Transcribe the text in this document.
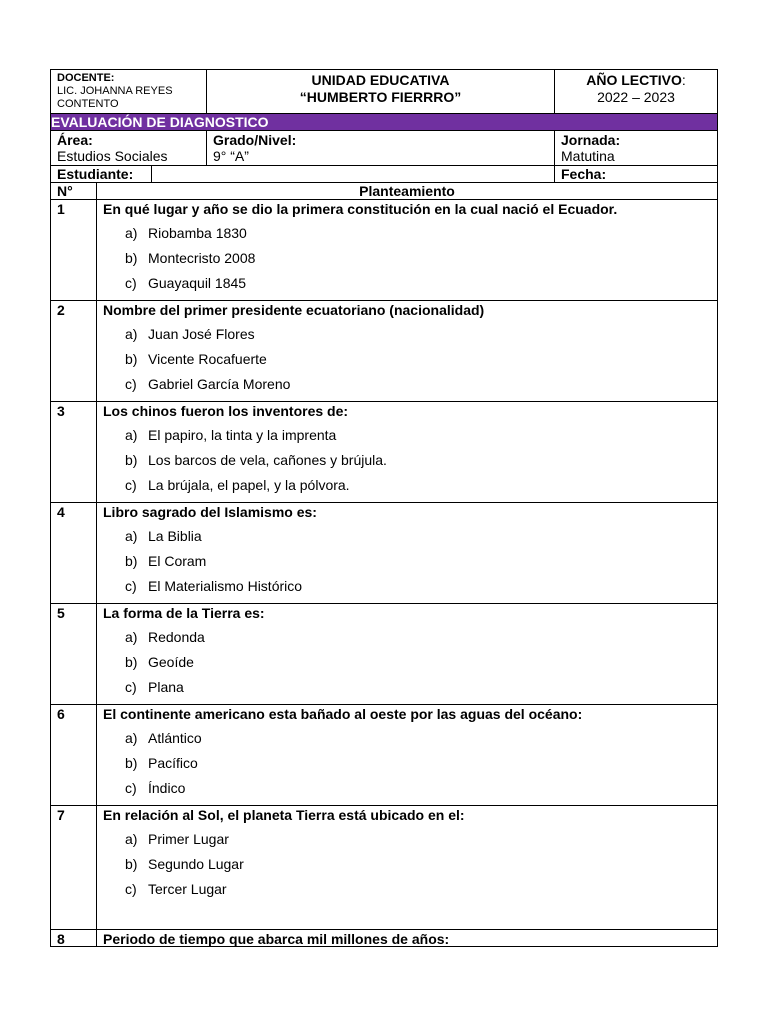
DOCENTE:
LIC. JOHANNA REYES CONTENTO
UNIDAD EDUCATIVA
“HUMBERTO FIERRRO”
AÑO LECTIVO:
2022 – 2023
EVALUACIÓN DE DIAGNOSTICO
Área:
Estudios Sociales
Grado/Nivel:
9° “A”
Jornada:
Matutina
Estudiante:	Fecha:
N°	Planteamiento
1	En qué lugar y año se dio la primera constitución en la cual nació el Ecuador.
a) Riobamba 1830
b) Montecristo 2008
c) Guayaquil 1845
2	Nombre del primer presidente ecuatoriano (nacionalidad)
a) Juan José Flores
b) Vicente Rocafuerte
c) Gabriel García Moreno
3	Los chinos fueron los inventores de:
a) El papiro, la tinta y la imprenta
b) Los barcos de vela, cañones y brújula.
c) La brújala, el papel, y la pólvora.
4	Libro sagrado del Islamismo es:
a) La Biblia
b) El Coram
c) El Materialismo Histórico
5	La forma de la Tierra es:
a) Redonda
b) Geoíde
c) Plana
6	El continente americano esta bañado al oeste por las aguas del océano:
a) Atlántico
b) Pacífico
c) Índico
7	En relación al Sol, el planeta Tierra está ubicado en el:
a) Primer Lugar
b) Segundo Lugar
c) Tercer Lugar
8	Periodo de tiempo que abarca mil millones de años:
